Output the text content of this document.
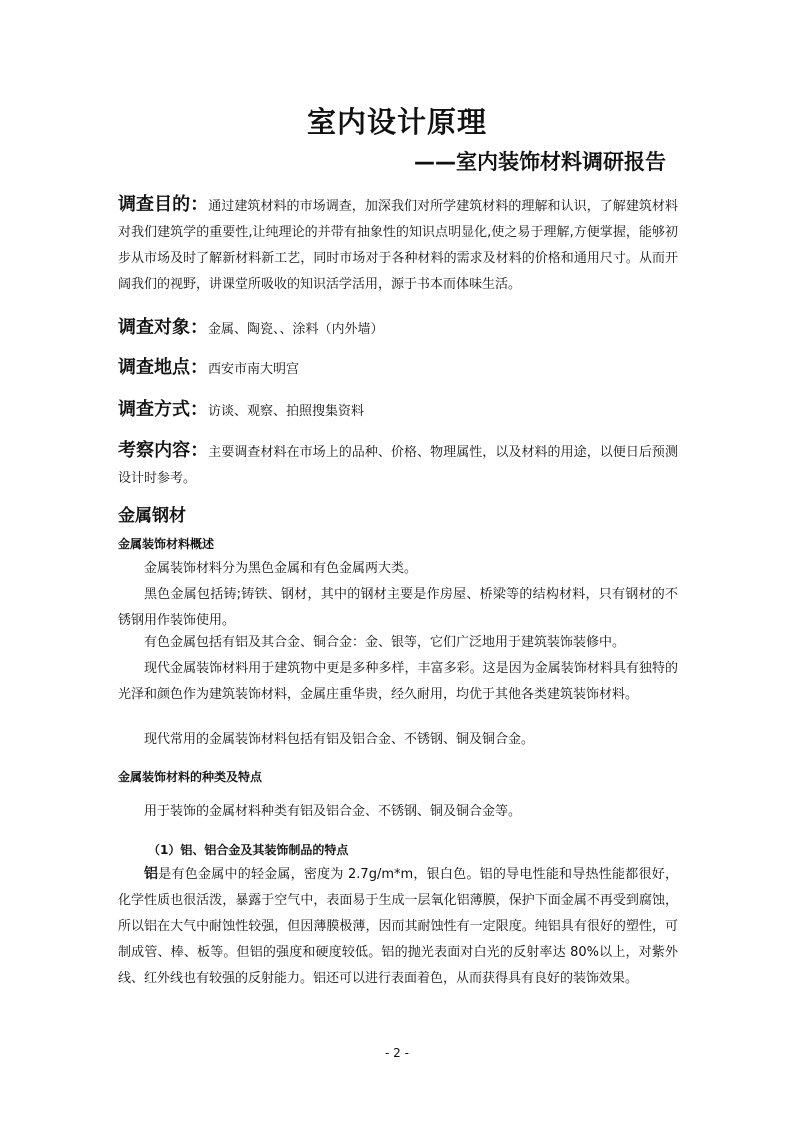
室内设计原理
——室内装饰材料调研报告
调查目的：通过建筑材料的市场调查，加深我们对所学建筑材料的理解和认识，了解建筑材料对我们建筑学的重要性,让纯理论的并带有抽象性的知识点明显化,使之易于理解,方便掌握，能够初步从市场及时了解新材料新工艺，同时市场对于各种材料的需求及材料的价格和通用尺寸。从而开阔我们的视野，讲课堂所吸收的知识活学活用，源于书本而体味生活。
调查对象：金属、陶瓷、、涂料（内外墙）
调查地点：西安市南大明宫
调查方式：访谈、观察、拍照搜集资料
考察内容：主要调查材料在市场上的品种、价格、物理属性，以及材料的用途，以便日后预测设计时参考。
金属钢材
金属装饰材料概述
金属装饰材料分为黑色金属和有色金属两大类。
黑色金属包括铸;铸铁、钢材，其中的钢材主要是作房屋、桥梁等的结构材料，只有钢材的不锈钢用作装饰使用。
有色金属包括有铝及其合金、铜合金：金、银等，它们广泛地用于建筑装饰装修中。
现代金属装饰材料用于建筑物中更是多种多样，丰富多彩。这是因为金属装饰材料具有独特的光泽和颜色作为建筑装饰材料，金属庄重华贵，经久耐用，均优于其他各类建筑装饰材料。
现代常用的金属装饰材料包括有铝及铝合金、不锈钢、铜及铜合金。
金属装饰材料的种类及特点
用于装饰的金属材料种类有铝及铝合金、不锈钢、铜及铜合金等。
（1）铝、铝合金及其装饰制品的特点
铝是有色金属中的轻金属，密度为 2.7g/m*m，银白色。铝的导电性能和导热性能都很好，化学性质也很活泼，暴露于空气中，表面易于生成一层氧化铝薄膜，保护下面金属不再受到腐蚀，所以铝在大气中耐蚀性较强，但因薄膜极薄，因而其耐蚀性有一定限度。纯铝具有很好的塑性，可制成管、棒、板等。但铝的强度和硬度较低。铝的抛光表面对白光的反射率达 80%以上，对紫外线、红外线也有较强的反射能力。铝还可以进行表面着色，从而获得具有良好的装饰效果。
- 2 -
